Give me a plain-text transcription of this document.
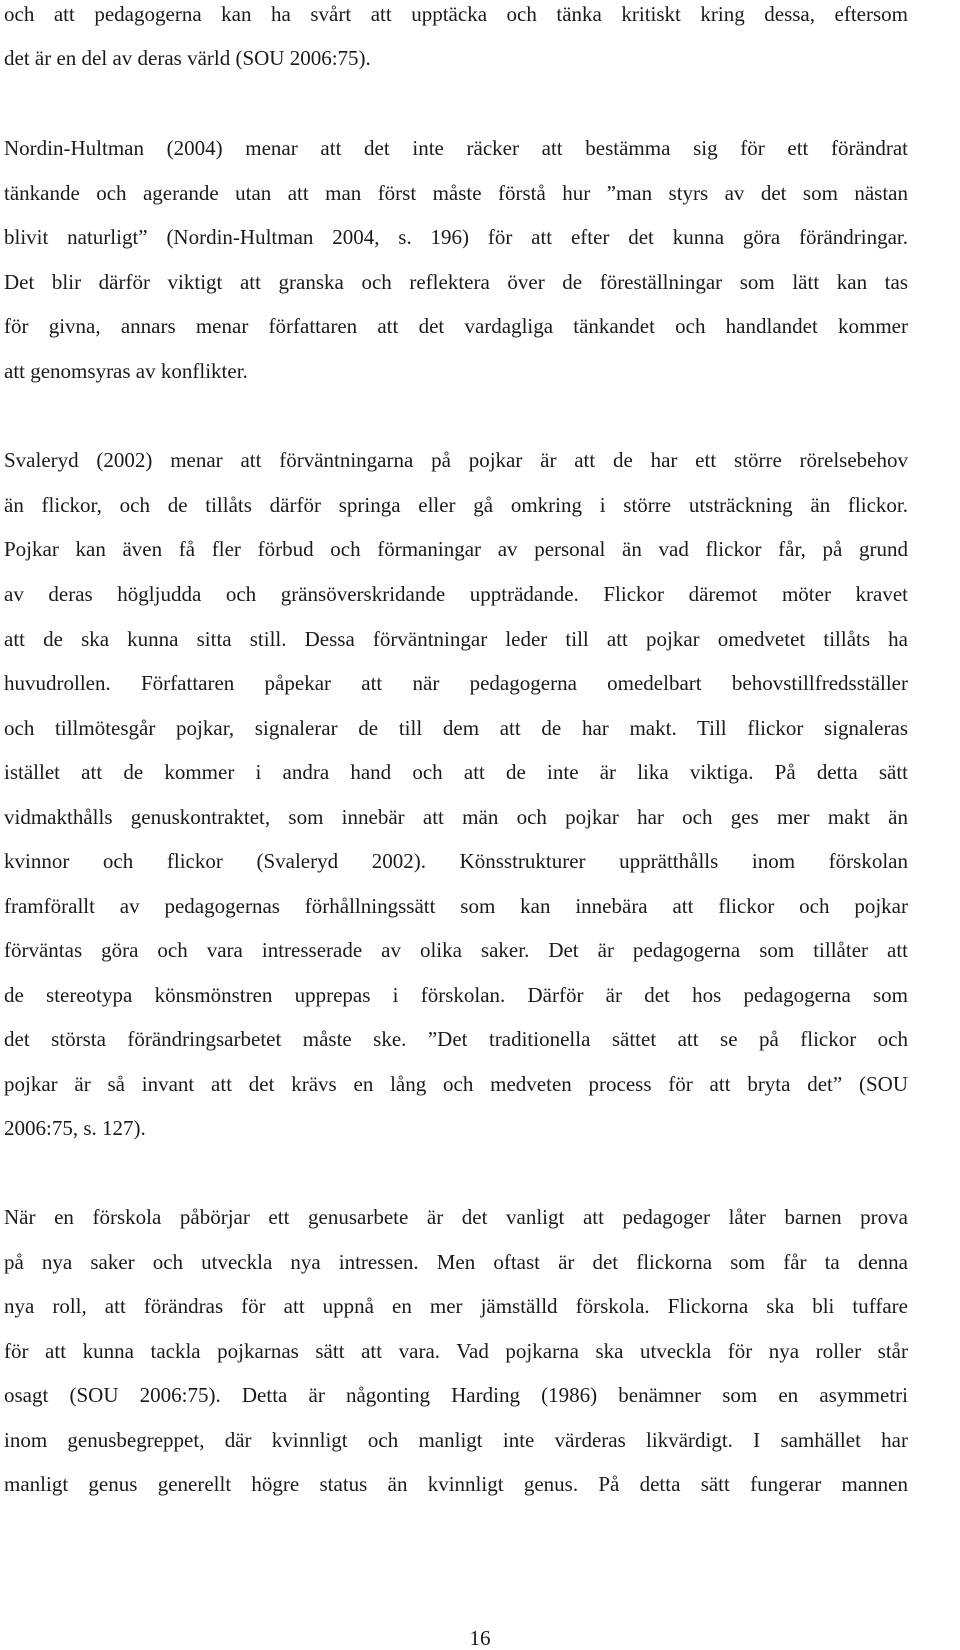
och att pedagogerna kan ha svårt att upptäcka och tänka kritiskt kring dessa, eftersom

det är en del av deras värld (SOU 2006:75).

Nordin-Hultman (2004) menar att det inte räcker att bestämma sig för ett förändrat

tänkande och agerande utan att man först måste förstå hur ”man styrs av det som nästan

blivit naturligt” (Nordin-Hultman 2004, s. 196) för att efter det kunna göra förändringar.

Det blir därför viktigt att granska och reflektera över de föreställningar som lätt kan tas

för givna, annars menar författaren att det vardagliga tänkandet och handlandet kommer

att genomsyras av konflikter.

Svaleryd (2002) menar att förväntningarna på pojkar är att de har ett större rörelsebehov

än flickor, och de tillåts därför springa eller gå omkring i större utsträckning än flickor.

Pojkar kan även få fler förbud och förmaningar av personal än vad flickor får, på grund

av deras högljudda och gränsöverskridande uppträdande. Flickor däremot möter kravet

att de ska kunna sitta still. Dessa förväntningar leder till att pojkar omedvetet tillåts ha

huvudrollen. Författaren påpekar att när pedagogerna omedelbart behovstillfredsställer

och tillmötesgår pojkar, signalerar de till dem att de har makt. Till flickor signaleras

istället att de kommer i andra hand och att de inte är lika viktiga. På detta sätt

vidmakthålls genuskontraktet, som innebär att män och pojkar har och ges mer makt än

kvinnor och flickor (Svaleryd 2002). Könsstrukturer upprätthålls inom förskolan

framförallt av pedagogernas förhållningssätt som kan innebära att flickor och pojkar

förväntas göra och vara intresserade av olika saker. Det är pedagogerna som tillåter att

de stereotypa könsmönstren upprepas i förskolan. Därför är det hos pedagogerna som

det största förändringsarbetet måste ske. ”Det traditionella sättet att se på flickor och

pojkar är så invant att det krävs en lång och medveten process för att bryta det” (SOU

2006:75, s. 127).

När en förskola påbörjar ett genusarbete är det vanligt att pedagoger låter barnen prova

på nya saker och utveckla nya intressen. Men oftast är det flickorna som får ta denna

nya roll, att förändras för att uppnå en mer jämställd förskola. Flickorna ska bli tuffare

för att kunna tackla pojkarnas sätt att vara. Vad pojkarna ska utveckla för nya roller står

osagt (SOU 2006:75). Detta är någonting Harding (1986) benämner som en asymmetri

inom genusbegreppet, där kvinnligt och manligt inte värderas likvärdigt. I samhället har

manligt genus generellt högre status än kvinnligt genus. På detta sätt fungerar mannen

16
